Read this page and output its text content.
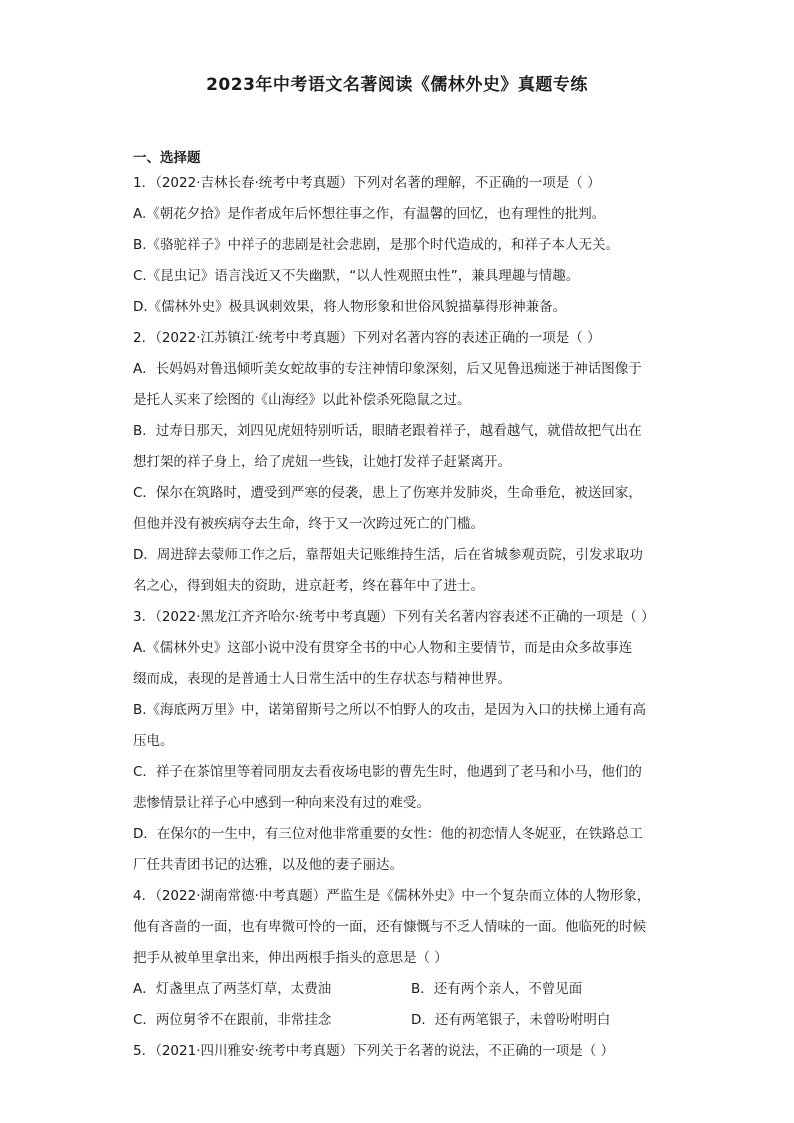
2023年中考语文名著阅读《儒林外史》真题专练
一、选择题
1．（2022·吉林长春·统考中考真题）下列对名著的理解，不正确的一项是（ ）
A.《朝花夕拾》是作者成年后怀想往事之作，有温馨的回忆，也有理性的批判。
B.《骆驼祥子》中祥子的悲剧是社会悲剧，是那个时代造成的，和祥子本人无关。
C.《昆虫记》语言浅近又不失幽默，“以人性观照虫性”，兼具理趣与情趣。
D.《儒林外史》极具讽刺效果，将人物形象和世俗风貌描摹得形神兼备。
2．（2022·江苏镇江·统考中考真题）下列对名著内容的表述正确的一项是（ ）
A．长妈妈对鲁迅倾听美女蛇故事的专注神情印象深刻，后又见鲁迅痴迷于神话图像于
是托人买来了绘图的《山海经》以此补偿杀死隐鼠之过。
B．过寿日那天，刘四见虎妞特别听话，眼睛老跟着祥子，越看越气，就借故把气出在
想打架的祥子身上，给了虎妞一些钱，让她打发祥子赶紧离开。
C．保尔在筑路时，遭受到严寒的侵袭，患上了伤寒并发肺炎，生命垂危，被送回家，
但他并没有被疾病夺去生命，终于又一次跨过死亡的门槛。
D．周进辞去蒙师工作之后，靠帮姐夫记账维持生活，后在省城参观贡院，引发求取功
名之心，得到姐夫的资助，进京赶考，终在暮年中了进士。
3．（2022·黑龙江齐齐哈尔·统考中考真题）下列有关名著内容表述不正确的一项是（ ）
A.《儒林外史》这部小说中没有贯穿全书的中心人物和主要情节，而是由众多故事连
缀而成，表现的是普通士人日常生活中的生存状态与精神世界。
B.《海底两万里》中，诺第留斯号之所以不怕野人的攻击，是因为入口的扶梯上通有高
压电。
C．祥子在茶馆里等着同朋友去看夜场电影的曹先生时，他遇到了老马和小马，他们的
悲惨情景让祥子心中感到一种向来没有过的难受。
D．在保尔的一生中，有三位对他非常重要的女性：他的初恋情人冬妮亚，在铁路总工
厂任共青团书记的达雅，以及他的妻子丽达。
4．（2022·湖南常德·中考真题）严监生是《儒林外史》中一个复杂而立体的人物形象，
他有吝啬的一面，也有卑微可怜的一面，还有慷慨与不乏人情味的一面。他临死的时候
把手从被单里拿出来，伸出两根手指头的意思是（ ）
A．灯盏里点了两茎灯草，太费油	B．还有两个亲人，不曾见面
C．两位舅爷不在跟前，非常挂念	D．还有两笔银子，未曾吩咐明白
5．（2021·四川雅安·统考中考真题）下列关于名著的说法，不正确的一项是（ ）
